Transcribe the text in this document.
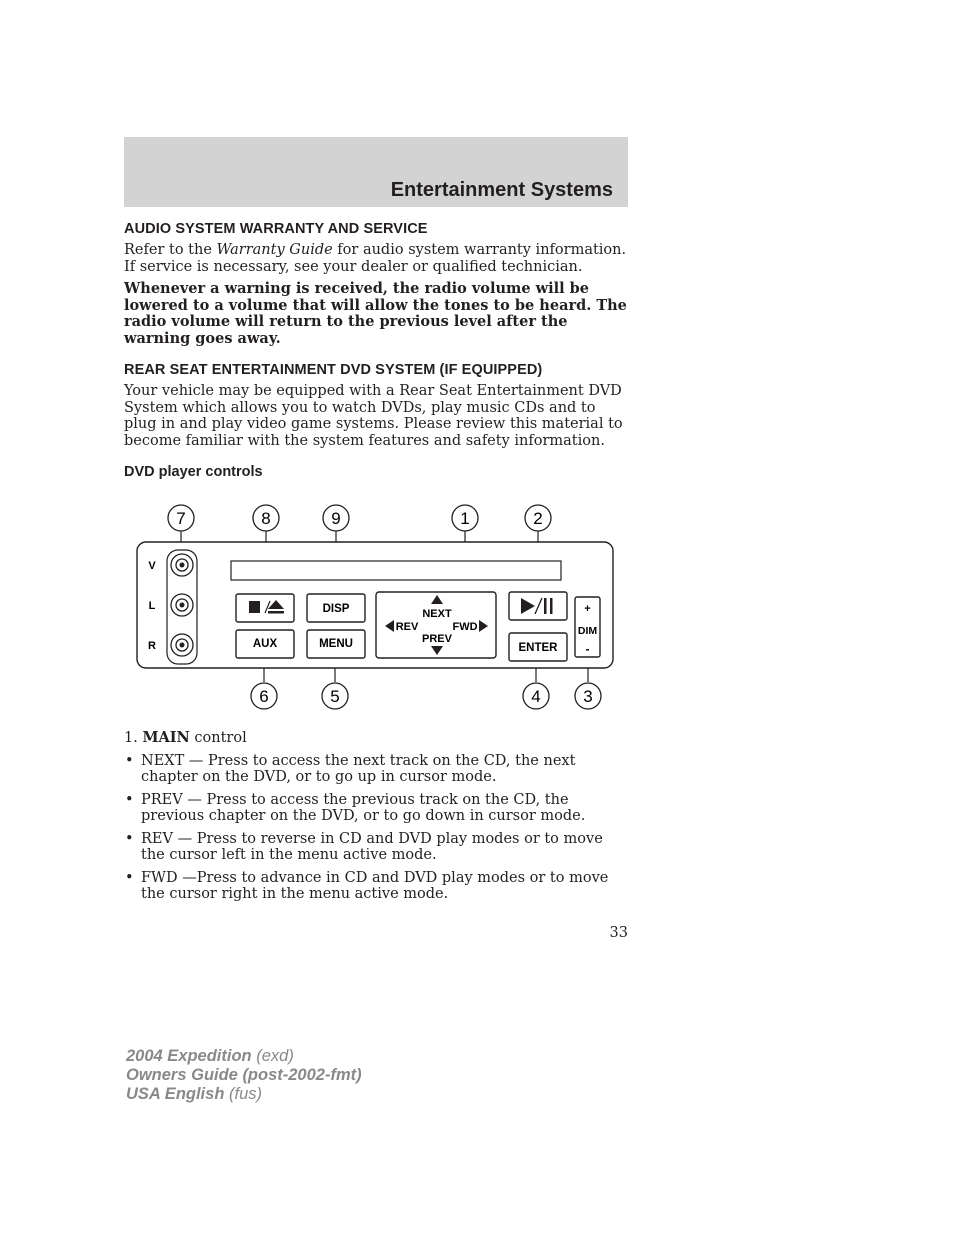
Entertainment Systems
AUDIO SYSTEM WARRANTY AND SERVICE

Refer to the Warranty Guide for audio system warranty information. If service is necessary, see your dealer or qualified technician.

Whenever a warning is received, the radio volume will be lowered to a volume that will allow the tones to be heard. The radio volume will return to the previous level after the warning goes away.

REAR SEAT ENTERTAINMENT DVD SYSTEM (IF EQUIPPED)

Your vehicle may be equipped with a Rear Seat Entertainment DVD System which allows you to watch DVDs, play music CDs and to plug in and play video game systems. Please review this material to become familiar with the system features and safety information.

DVD player controls
7	8	9	1	2
V
L
R
DISP
AUX	MENU
NEXT
REV	FWD
PREV
ENTER
+
DIM
-
6	5	4	3
1. MAIN control
• NEXT — Press to access the next track on the CD, the next chapter on the DVD, or to go up in cursor mode.
• PREV — Press to access the previous track on the CD, the previous chapter on the DVD, or to go down in cursor mode.
• REV — Press to reverse in CD and DVD play modes or to move the cursor left in the menu active mode.
• FWD —Press to advance in CD and DVD play modes or to move the cursor right in the menu active mode.
33
2004 Expedition (exd)
Owners Guide (post-2002-fmt)
USA English (fus)
